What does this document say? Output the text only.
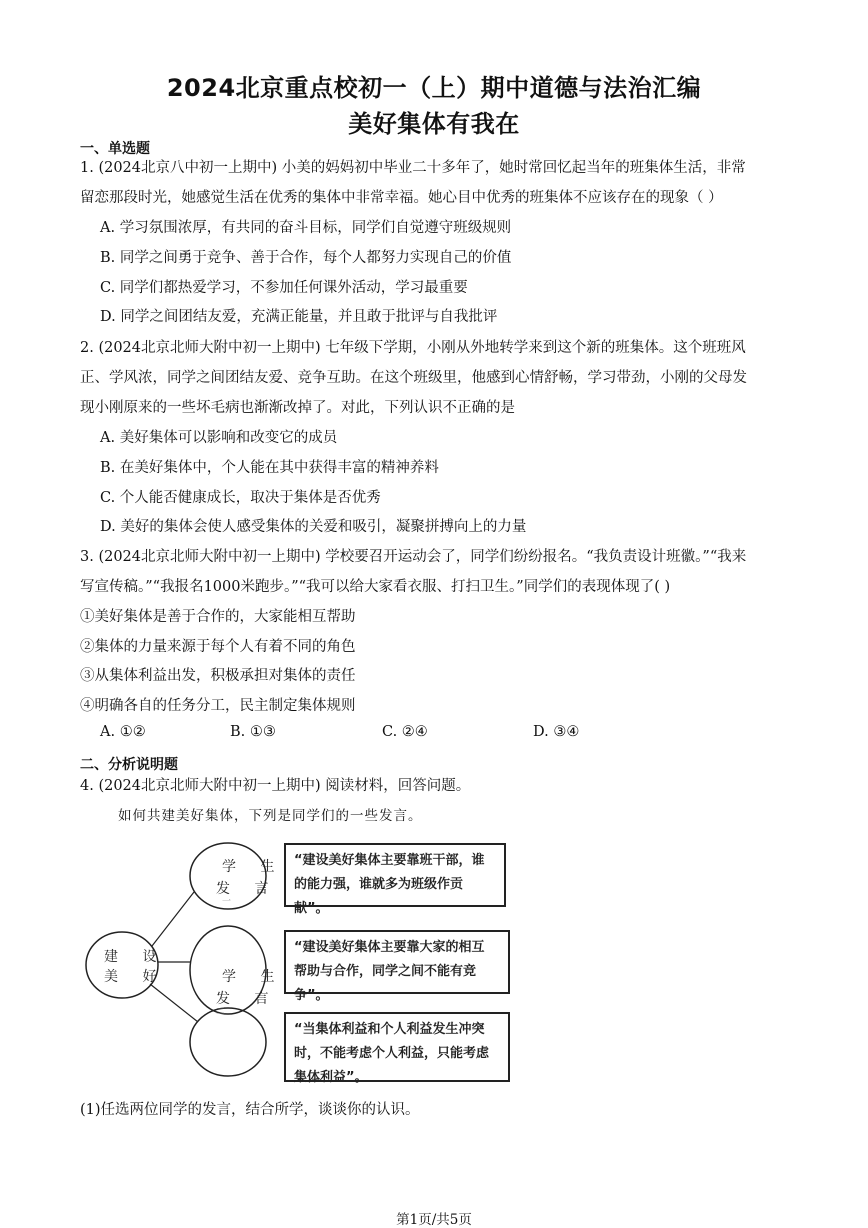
2024北京重点校初一（上）期中道德与法治汇编
美好集体有我在
一、单选题
1. (2024北京八中初一上期中) 小美的妈妈初中毕业二十多年了，她时常回忆起当年的班集体生活，非常
留恋那段时光，她感觉生活在优秀的集体中非常幸福。她心目中优秀的班集体不应该存在的现象（ ）
A. 学习氛围浓厚，有共同的奋斗目标，同学们自觉遵守班级规则
B. 同学之间勇于竞争、善于合作，每个人都努力实现自己的价值
C. 同学们都热爱学习，不参加任何课外活动，学习最重要
D. 同学之间团结友爱，充满正能量，并且敢于批评与自我批评
2. (2024北京北师大附中初一上期中) 七年级下学期，小刚从外地转学来到这个新的班集体。这个班班风
正、学风浓，同学之间团结友爱、竞争互助。在这个班级里，他感到心情舒畅，学习带劲，小刚的父母发
现小刚原来的一些坏毛病也渐渐改掉了。对此，下列认识不正确的是
A. 美好集体可以影响和改变它的成员
B. 在美好集体中，个人能在其中获得丰富的精神养料
C. 个人能否健康成长，取决于集体是否优秀
D. 美好的集体会使人感受集体的关爱和吸引，凝聚拼搏向上的力量
3. (2024北京北师大附中初一上期中) 学校要召开运动会了，同学们纷纷报名。“我负责设计班徽。”“我来
写宣传稿。”“我报名1000米跑步。”“我可以给大家看衣服、打扫卫生。”同学们的表现体现了( )
①美好集体是善于合作的，大家能相互帮助
②集体的力量来源于每个人有着不同的角色
③从集体利益出发，积极承担对集体的责任
④明确各自的任务分工，民主制定集体规则
A. ①②	B. ①③	C. ②④	D. ③④
二、分析说明题
4. (2024北京北师大附中初一上期中) 阅读材料，回答问题。
如何共建美好集体，下列是同学们的一些发言。
建 设
美 好
学 生
发 言
一
学 生
发 言
二
“建设美好集体主要靠班干部，谁的能力强，谁就多为班级作贡献”。
“建设美好集体主要靠大家的相互 帮助与合作，同学之间不能有竞争”。
“当集体利益和个人利益发生冲突 时，不能考虑个人利益，只能考虑集体利益”。
(1)任选两位同学的发言，结合所学，谈谈你的认识。
第1页/共5页
